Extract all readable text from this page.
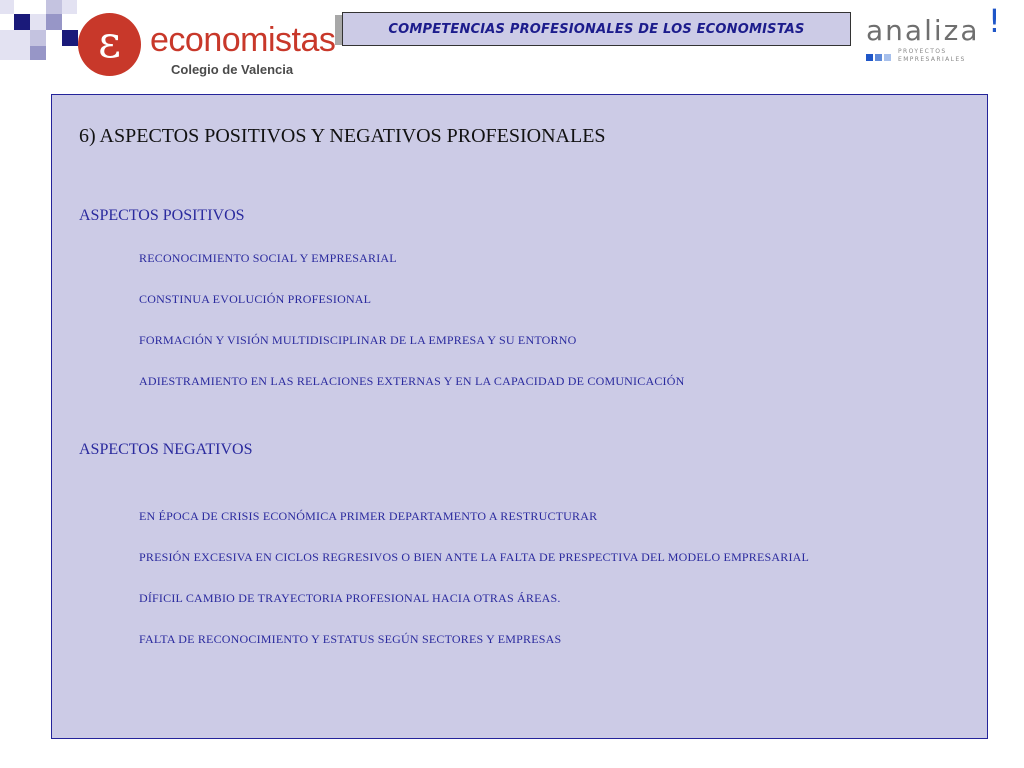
ε economistas
Colegio de Valencia
COMPETENCIAS PROFESIONALES DE LOS ECONOMISTAS analiza !
PROYECTOS EMPRESARIALES
6) ASPECTOS POSITIVOS Y NEGATIVOS PROFESIONALES
ASPECTOS POSITIVOS
RECONOCIMIENTO SOCIAL Y EMPRESARIAL
CONSTINUA EVOLUCIÓN PROFESIONAL
FORMACIÓN Y VISIÓN MULTIDISCIPLINAR DE LA EMPRESA Y SU ENTORNO
ADIESTRAMIENTO EN LAS RELACIONES EXTERNAS Y EN LA CAPACIDAD DE COMUNICACIÓN
ASPECTOS NEGATIVOS
EN ÉPOCA DE CRISIS ECONÓMICA PRIMER DEPARTAMENTO A RESTRUCTURAR
PRESIÓN EXCESIVA EN CICLOS REGRESIVOS O BIEN ANTE LA FALTA DE PRESPECTIVA DEL MODELO EMPRESARIAL
DÍFICIL CAMBIO DE TRAYECTORIA PROFESIONAL HACIA OTRAS ÁREAS.
FALTA DE RECONOCIMIENTO Y ESTATUS SEGÚN SECTORES Y EMPRESAS
